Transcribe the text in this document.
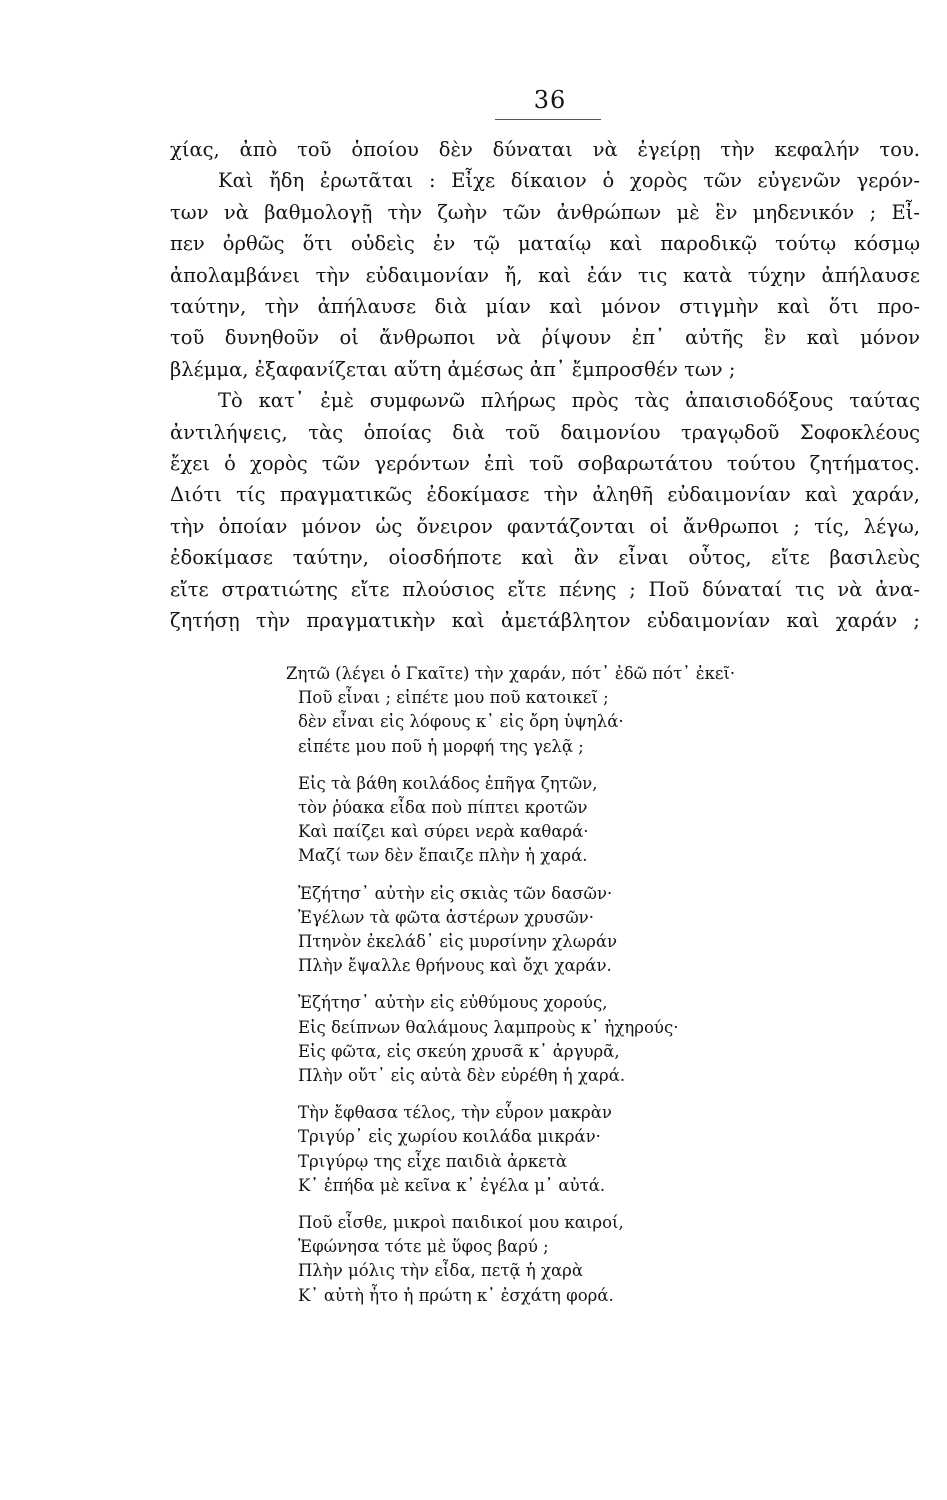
36

χίας, ἀπὸ τοῦ ὁποίου δὲν δύναται νὰ ἐγείρῃ τὴν κεφαλήν του.

Καὶ ἤδη ἐρωτᾶται : Εἶχε δίκαιον ὁ χορὸς τῶν εὐγενῶν γερόν-

των νὰ βαθμολογῇ τὴν ζωὴν τῶν ἀνθρώπων μὲ ἓν μηδενικόν ; Εἶ-

πεν ὀρθῶς ὅτι οὐδεὶς ἐν τῷ ματαίῳ καὶ παροδικῷ τούτῳ κόσμῳ

ἀπολαμβάνει τὴν εὐδαιμονίαν ἤ, καὶ ἐάν τις κατὰ τύχην ἀπήλαυσε

ταύτην, τὴν ἀπήλαυσε διὰ μίαν καὶ μόνον στιγμὴν καὶ ὅτι προ-

τοῦ δυνηθοῦν οἱ ἄνθρωποι νὰ ῥίψουν ἐπ᾽ αὐτῆς ἓν καὶ μόνον

βλέμμα, ἐξαφανίζεται αὕτη ἀμέσως ἀπ᾽ ἔμπροσθέν των ;

Τὸ κατ᾽ ἐμὲ συμφωνῶ πλήρως πρὸς τὰς ἀπαισιοδόξους ταύτας

ἀντιλήψεις, τὰς ὁποίας διὰ τοῦ δαιμονίου τραγῳδοῦ Σοφοκλέους

ἔχει ὁ χορὸς τῶν γερόντων ἐπὶ τοῦ σοβαρωτάτου τούτου ζητήματος.

Διότι τίς πραγματικῶς ἐδοκίμασε τὴν ἀληθῆ εὐδαιμονίαν καὶ χαράν,

τὴν ὁποίαν μόνον ὡς ὄνειρον φαντάζονται οἱ ἄνθρωποι ; τίς, λέγω,

ἐδοκίμασε ταύτην, οἱοσδήποτε καὶ ἂν εἶναι οὗτος, εἴτε βασιλεὺς

εἴτε στρατιώτης εἴτε πλούσιος εἴτε πένης ; Ποῦ δύναταί τις νὰ ἀνα-

ζητήσῃ τὴν πραγματικὴν καὶ ἀμετάβλητον εὐδαιμονίαν καὶ χαράν ;

Ζητῶ (λέγει ὁ Γκαῖτε) τὴν χαράν, πότ᾽ ἐδῶ πότ᾽ ἐκεῖ·
Ποῦ εἶναι ; εἰπέτε μου ποῦ κατοικεῖ ;
δὲν εἶναι εἰς λόφους κ᾽ εἰς ὄρη ὑψηλά·
εἰπέτε μου ποῦ ἡ μορφή της γελᾷ ;
Εἰς τὰ βάθη κοιλάδος ἐπῆγα ζητῶν,
τὸν ῥύακα εἶδα ποὺ πίπτει κροτῶν
Καὶ παίζει καὶ σύρει νερὰ καθαρά·
Μαζί των δὲν ἔπαιζε πλὴν ἡ χαρά.
Ἐζήτησ᾽ αὐτὴν εἰς σκιὰς τῶν δασῶν·
Ἐγέλων τὰ φῶτα ἀστέρων χρυσῶν·
Πτηνὸν ἐκελάδ᾽ εἰς μυρσίνην χλωράν
Πλὴν ἔψαλλε θρήνους καὶ ὄχι χαράν.
Ἐζήτησ᾽ αὐτὴν εἰς εὐθύμους χορούς,
Εἰς δείπνων θαλάμους λαμπροὺς κ᾽ ἠχηρούς·
Εἰς φῶτα, εἰς σκεύη χρυσᾶ κ᾽ ἀργυρᾶ,
Πλὴν οὔτ᾽ εἰς αὐτὰ δὲν εὑρέθη ἡ χαρά.
Τὴν ἔφθασα τέλος, τὴν εὗρον μακρὰν
Τριγύρ᾽ εἰς χωρίου κοιλάδα μικράν·
Τριγύρῳ της εἶχε παιδιὰ ἀρκετὰ
Κ᾽ ἐπήδα μὲ κεῖνα κ᾽ ἐγέλα μ᾽ αὐτά.
Ποῦ εἶσθε, μικροὶ παιδικοί μου καιροί,
Ἐφώνησα τότε μὲ ὕφος βαρύ ;
Πλὴν μόλις τὴν εἶδα, πετᾷ ἡ χαρὰ
Κ᾽ αὐτὴ ἦτο ἡ πρώτη κ᾽ ἐσχάτη φορά.
